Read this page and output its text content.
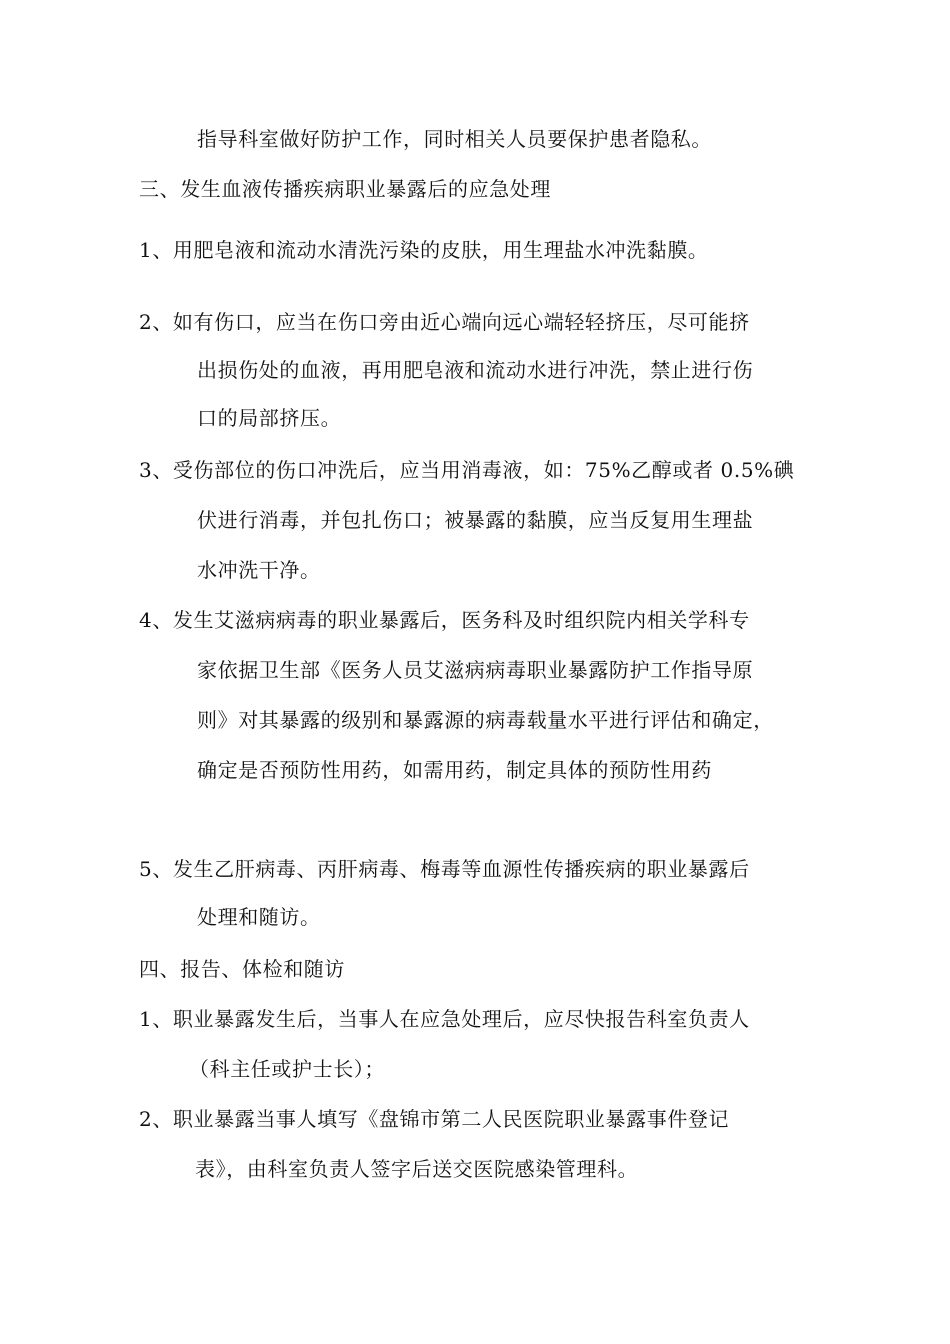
指导科室做好防护工作，同时相关人员要保护患者隐私。
三、发生血液传播疾病职业暴露后的应急处理
1、用肥皂液和流动水清洗污染的皮肤，用生理盐水冲洗黏膜。
2、如有伤口，应当在伤口旁由近心端向远心端轻轻挤压，尽可能挤
出损伤处的血液，再用肥皂液和流动水进行冲洗，禁止进行伤
口的局部挤压。
3、受伤部位的伤口冲洗后，应当用消毒液，如：75%乙醇或者 0.5%碘
伏进行消毒，并包扎伤口；被暴露的黏膜，应当反复用生理盐
水冲洗干净。
4、发生艾滋病病毒的职业暴露后，医务科及时组织院内相关学科专
家依据卫生部《医务人员艾滋病病毒职业暴露防护工作指导原
则》对其暴露的级别和暴露源的病毒载量水平进行评估和确定，
确定是否预防性用药，如需用药，制定具体的预防性用药
5、发生乙肝病毒、丙肝病毒、梅毒等血源性传播疾病的职业暴露后
处理和随访。
四、报告、体检和随访
1、职业暴露发生后，当事人在应急处理后，应尽快报告科室负责人
（科主任或护士长）；
2、职业暴露当事人填写《盘锦市第二人民医院职业暴露事件登记
表》，由科室负责人签字后送交医院感染管理科。
